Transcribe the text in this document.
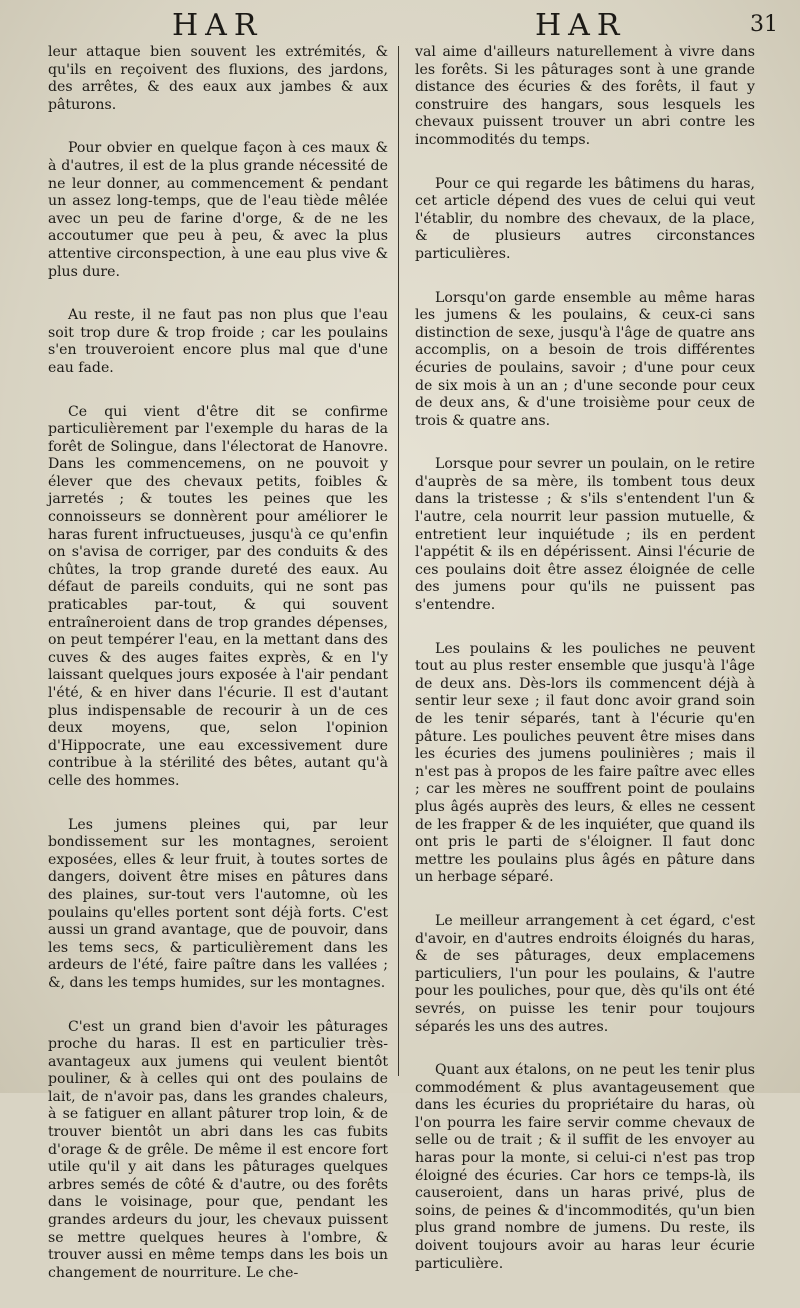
HAR	HAR	31

leur attaque bien souvent les extrémités, & qu'ils en reçoivent des fluxions, des jardons, des arrêtes, & des eaux aux jambes & aux pâturons.

Pour obvier en quelque façon à ces maux & à d'autres, il est de la plus grande nécessité de ne leur donner, au commencement & pendant un assez long-temps, que de l'eau tiède mêlée avec un peu de farine d'orge, & de ne les accoutumer que peu à peu, & avec la plus attentive circonspection, à une eau plus vive & plus dure.

Au reste, il ne faut pas non plus que l'eau soit trop dure & trop froide ; car les poulains s'en trouveroient encore plus mal que d'une eau fade.

Ce qui vient d'être dit se confirme particulièrement par l'exemple du haras de la forêt de Solingue, dans l'électorat de Hanovre. Dans les commencemens, on ne pouvoit y élever que des chevaux petits, foibles & jarretés ; & toutes les peines que les connoisseurs se donnèrent pour améliorer le haras furent infructueuses, jusqu'à ce qu'enfin on s'avisa de corriger, par des conduits & des chûtes, la trop grande dureté des eaux. Au défaut de pareils conduits, qui ne sont pas praticables par-tout, & qui souvent entraîneroient dans de trop grandes dépenses, on peut tempérer l'eau, en la mettant dans des cuves & des auges faites exprès, & en l'y laissant quelques jours exposée à l'air pendant l'été, & en hiver dans l'écurie. Il est d'autant plus indispensable de recourir à un de ces deux moyens, que, selon l'opinion d'Hippocrate, une eau excessivement dure contribue à la stérilité des bêtes, autant qu'à celle des hommes.

Les jumens pleines qui, par leur bondissement sur les montagnes, seroient exposées, elles & leur fruit, à toutes sortes de dangers, doivent être mises en pâtures dans des plaines, sur-tout vers l'automne, où les poulains qu'elles portent sont déjà forts. C'est aussi un grand avantage, que de pouvoir, dans les tems secs, & particulièrement dans les ardeurs de l'été, faire paître dans les vallées ; &, dans les temps humides, sur les montagnes.

C'est un grand bien d'avoir les pâturages proche du haras. Il est en particulier très-avantageux aux jumens qui veulent bientôt pouliner, & à celles qui ont des poulains de lait, de n'avoir pas, dans les grandes chaleurs, à se fatiguer en allant pâturer trop loin, & de trouver bientôt un abri dans les cas fubits d'orage & de grêle. De même il est encore fort utile qu'il y ait dans les pâturages quelques arbres semés de côté & d'autre, ou des forêts dans le voisinage, pour que, pendant les grandes ardeurs du jour, les chevaux puissent se mettre quelques heures à l'ombre, & trouver aussi en même temps dans les bois un changement de nourriture. Le che-

val aime d'ailleurs naturellement à vivre dans les forêts. Si les pâturages sont à une grande distance des écuries & des forêts, il faut y construire des hangars, sous lesquels les chevaux puissent trouver un abri contre les incommodités du temps.

Pour ce qui regarde les bâtimens du haras, cet article dépend des vues de celui qui veut l'établir, du nombre des chevaux, de la place, & de plusieurs autres circonstances particulières.

Lorsqu'on garde ensemble au même haras les jumens & les poulains, & ceux-ci sans distinction de sexe, jusqu'à l'âge de quatre ans accomplis, on a besoin de trois différentes écuries de poulains, savoir ; d'une pour ceux de six mois à un an ; d'une seconde pour ceux de deux ans, & d'une troisième pour ceux de trois & quatre ans.

Lorsque pour sevrer un poulain, on le retire d'auprès de sa mère, ils tombent tous deux dans la tristesse ; & s'ils s'entendent l'un & l'autre, cela nourrit leur passion mutuelle, & entretient leur inquiétude ; ils en perdent l'appétit & ils en dépérissent. Ainsi l'écurie de ces poulains doit être assez éloignée de celle des jumens pour qu'ils ne puissent pas s'entendre.

Les poulains & les pouliches ne peuvent tout au plus rester ensemble que jusqu'à l'âge de deux ans. Dès-lors ils commencent déjà à sentir leur sexe ; il faut donc avoir grand soin de les tenir séparés, tant à l'écurie qu'en pâture. Les pouliches peuvent être mises dans les écuries des jumens poulinières ; mais il n'est pas à propos de les faire paître avec elles ; car les mères ne souffrent point de poulains plus âgés auprès des leurs, & elles ne cessent de les frapper & de les inquiéter, que quand ils ont pris le parti de s'éloigner. Il faut donc mettre les poulains plus âgés en pâture dans un herbage séparé.

Le meilleur arrangement à cet égard, c'est d'avoir, en d'autres endroits éloignés du haras, & de ses pâturages, deux emplacemens particuliers, l'un pour les poulains, & l'autre pour les pouliches, pour que, dès qu'ils ont été sevrés, on puisse les tenir pour toujours séparés les uns des autres.

Quant aux étalons, on ne peut les tenir plus commodément & plus avantageusement que dans les écuries du propriétaire du haras, où l'on pourra les faire servir comme chevaux de selle ou de trait ; & il suffit de les envoyer au haras pour la monte, si celui-ci n'est pas trop éloigné des écuries. Car hors ce temps-là, ils causeroient, dans un haras privé, plus de soins, de peines & d'incommodités, qu'un bien plus grand nombre de jumens. Du reste, ils doivent toujours avoir au haras leur écurie particulière.
